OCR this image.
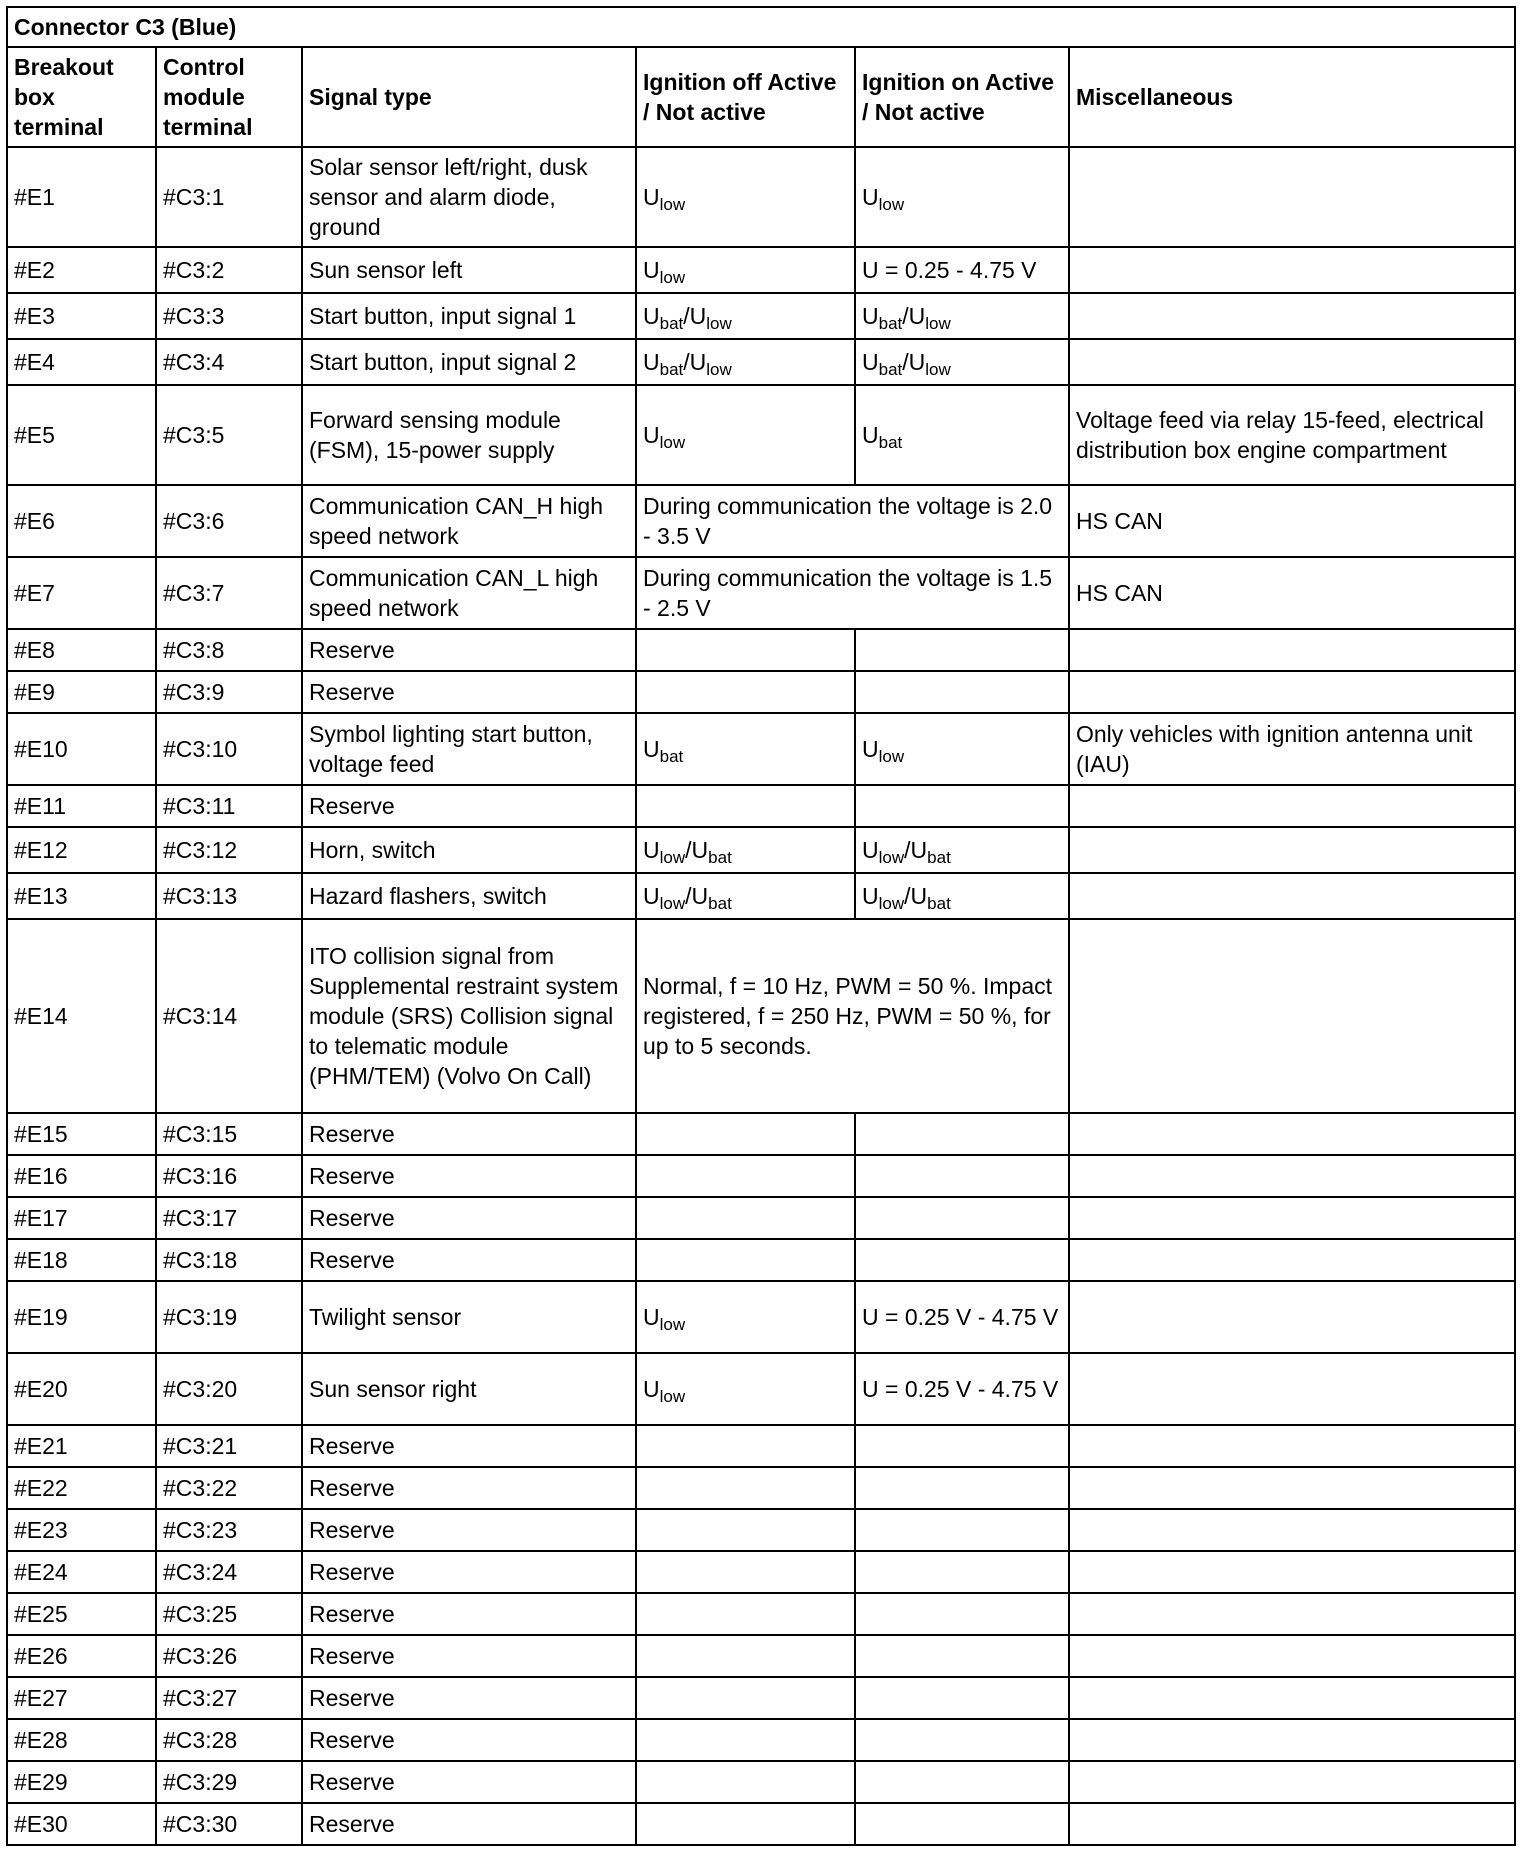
Connector C3 (Blue)					
Breakout box terminal	Control module terminal	Signal type	Ignition off Active / Not active	Ignition on Active / Not active	Miscellaneous
#E1	#C3:1	Solar sensor left/right, dusk sensor and alarm diode, ground	$U_{low}$	$U_{low}$	
#E2	#C3:2	Sun sensor left	$U_{low}$	U = 0.25 - 4.75 V	
#E3	#C3:3	Start button, input signal 1	$U_{bat}/U_{low}$	$U_{bat}/U_{low}$	
#E4	#C3:4	Start button, input signal 2	$U_{bat}/U_{low}$	$U_{bat}/U_{low}$	
#E5	#C3:5	Forward sensing module (FSM), 15-power supply	$U_{low}$	$U_{bat}$	Voltage feed via relay 15-feed, electrical distribution box engine compartment
#E6	#C3:6	Communication CAN_H high speed network	During communication the voltage is 2.0 - 3.5 V		HS CAN
#E7	#C3:7	Communication CAN_L high speed network	During communication the voltage is 1.5 - 2.5 V		HS CAN
#E8	#C3:8	Reserve			
#E9	#C3:9	Reserve			
#E10	#C3:10	Symbol lighting start button, voltage feed	$U_{bat}$	$U_{low}$	Only vehicles with ignition antenna unit (IAU)
#E11	#C3:11	Reserve			
#E12	#C3:12	Horn, switch	$U_{low}/U_{bat}$	$U_{low}/U_{bat}$	
#E13	#C3:13	Hazard flashers, switch	$U_{low}/U_{bat}$	$U_{low}/U_{bat}$	
#E14	#C3:14	ITO collision signal from Supplemental restraint system module (SRS) Collision signal to telematic module (PHM/TEM) (Volvo On Call)	Normal, f = 10 Hz, PWM = 50 %. Impact registered, f = 250 Hz, PWM = 50 %, for up to 5 seconds.		
#E15	#C3:15	Reserve			
#E16	#C3:16	Reserve			
#E17	#C3:17	Reserve			
#E18	#C3:18	Reserve			
#E19	#C3:19	Twilight sensor	$U_{low}$	U = 0.25 V - 4.75 V	
#E20	#C3:20	Sun sensor right	$U_{low}$	U = 0.25 V - 4.75 V	
#E21	#C3:21	Reserve			
#E22	#C3:22	Reserve			
#E23	#C3:23	Reserve			
#E24	#C3:24	Reserve			
#E25	#C3:25	Reserve			
#E26	#C3:26	Reserve			
#E27	#C3:27	Reserve			
#E28	#C3:28	Reserve			
#E29	#C3:29	Reserve			
#E30	#C3:30	Reserve			
